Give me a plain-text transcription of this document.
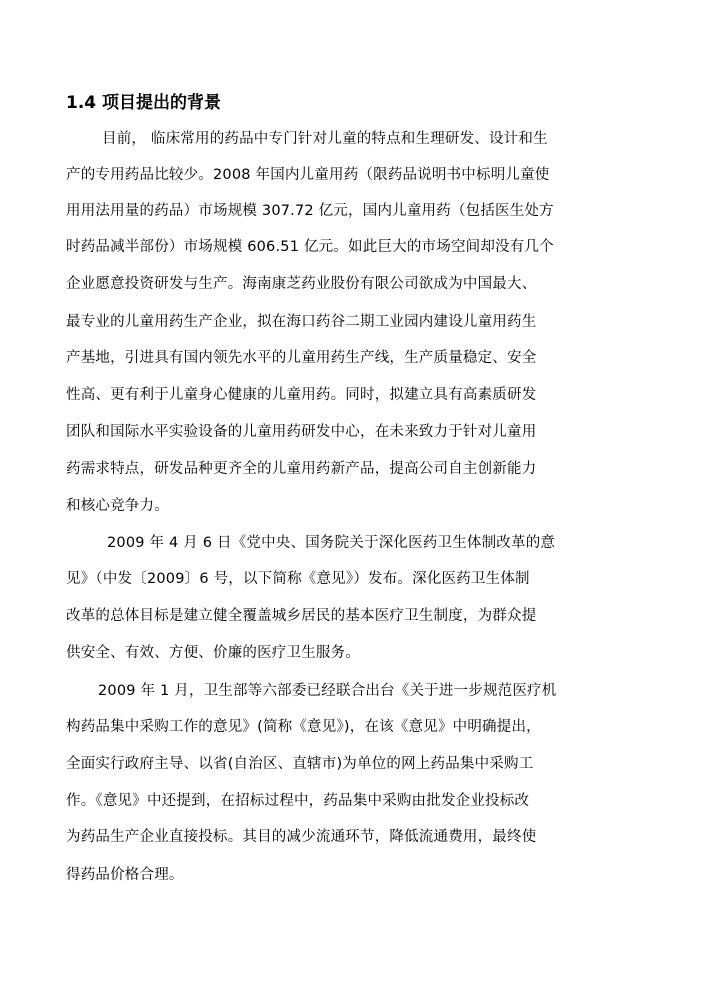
1.4 项目提出的背景
目前， 临床常用的药品中专门针对儿童的特点和生理研发、设计和生
产的专用药品比较少。2008 年国内儿童用药（限药品说明书中标明儿童使
用用法用量的药品）市场规模 307.72 亿元，国内儿童用药（包括医生处方
时药品减半部份）市场规模 606.51 亿元。如此巨大的市场空间却没有几个
企业愿意投资研发与生产。海南康芝药业股份有限公司欲成为中国最大、
最专业的儿童用药生产企业，拟在海口药谷二期工业园内建设儿童用药生
产基地，引进具有国内领先水平的儿童用药生产线，生产质量稳定、安全
性高、更有利于儿童身心健康的儿童用药。同时，拟建立具有高素质研发
团队和国际水平实验设备的儿童用药研发中心，在未来致力于针对儿童用
药需求特点，研发品种更齐全的儿童用药新产品，提高公司自主创新能力
和核心竞争力。
2009 年 4 月 6 日《党中央、国务院关于深化医药卫生体制改革的意
见》（中发〔2009〕6 号，以下简称《意见》）发布。深化医药卫生体制
改革的总体目标是建立健全覆盖城乡居民的基本医疗卫生制度，为群众提
供安全、有效、方便、价廉的医疗卫生服务。
2009 年 1 月，卫生部等六部委已经联合出台《关于进一步规范医疗机
构药品集中采购工作的意见》(简称《意见》)，在该《意见》中明确提出，
全面实行政府主导、以省(自治区、直辖市)为单位的网上药品集中采购工
作。《意见》中还提到，在招标过程中，药品集中采购由批发企业投标改
为药品生产企业直接投标。其目的减少流通环节，降低流通费用，最终使
得药品价格合理。
